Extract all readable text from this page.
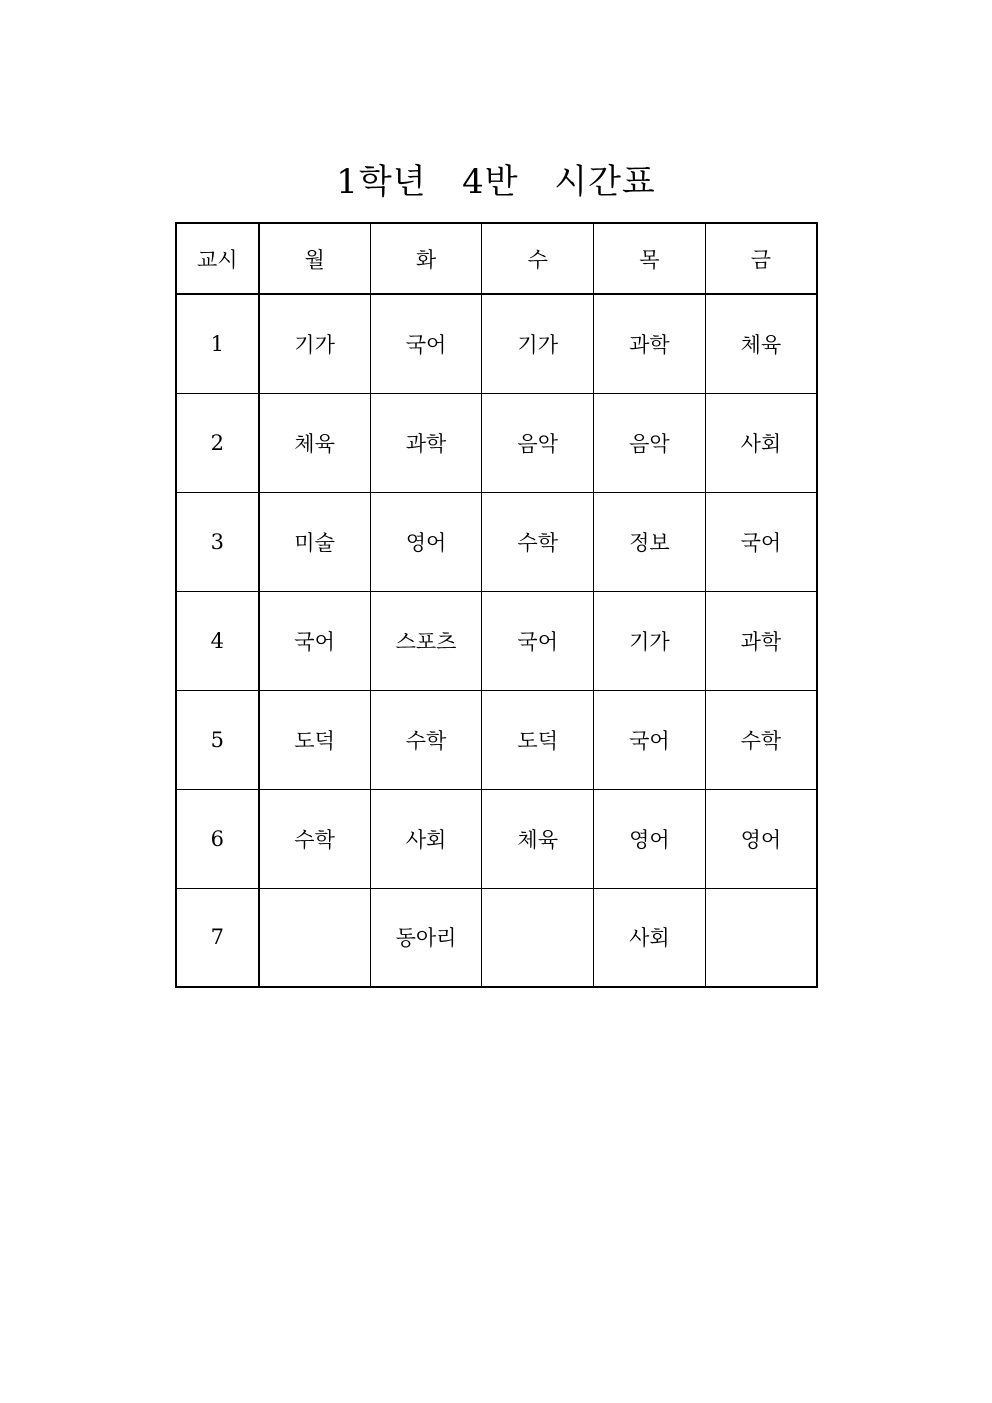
1학년  4반  시간표
교시	월	화	수	목	금
1	기가	국어	기가	과학	체육
2	체육	과학	음악	음악	사회
3	미술	영어	수학	정보	국어
4	국어	스포츠	국어	기가	과학
5	도덕	수학	도덕	국어	수학
6	수학	사회	체육	영어	영어
7		동아리		사회	
